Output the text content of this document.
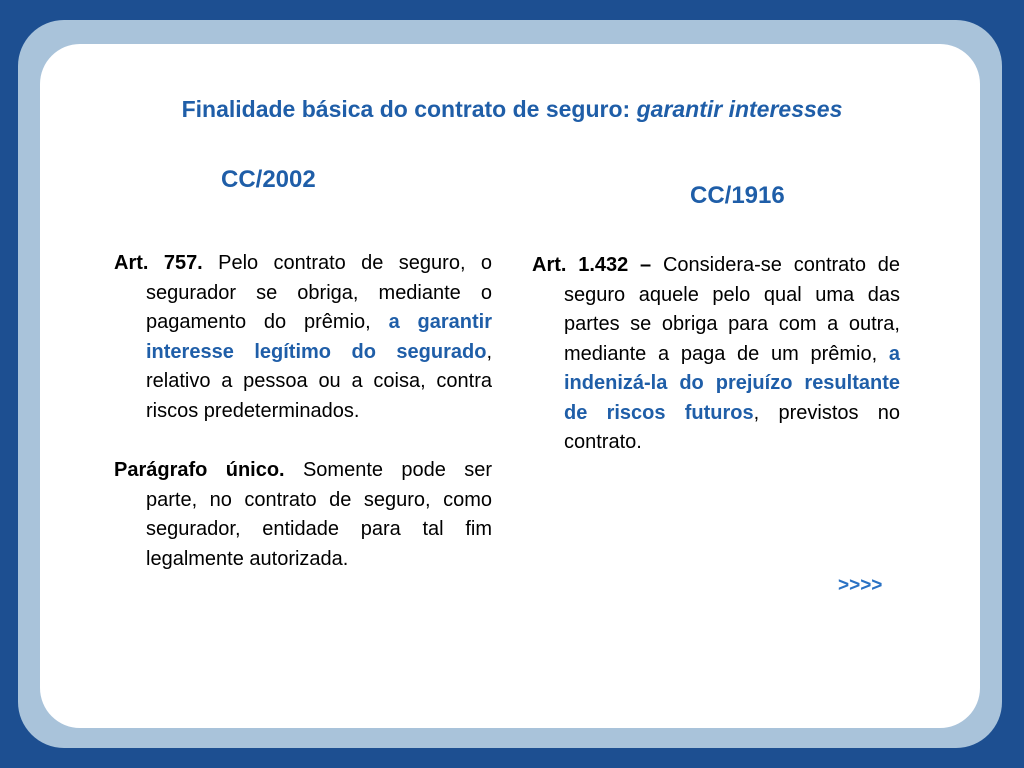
Finalidade básica do contrato de seguro: garantir interesses
CC/2002
CC/1916

Art. 757. Pelo contrato de seguro, o segurador se obriga, mediante o pagamento do prêmio, a garantir interesse legítimo do segurado, relativo a pessoa ou a coisa, contra riscos predeterminados.

Parágrafo único. Somente pode ser parte, no contrato de seguro, como segurador, entidade para tal fim legalmente autorizada.

Art. 1.432 – Considera-se contrato de seguro aquele pelo qual uma das partes se obriga para com a outra, mediante a paga de um prêmio, a indenizá-la do prejuízo resultante de riscos futuros, previstos no contrato.

>>>>
